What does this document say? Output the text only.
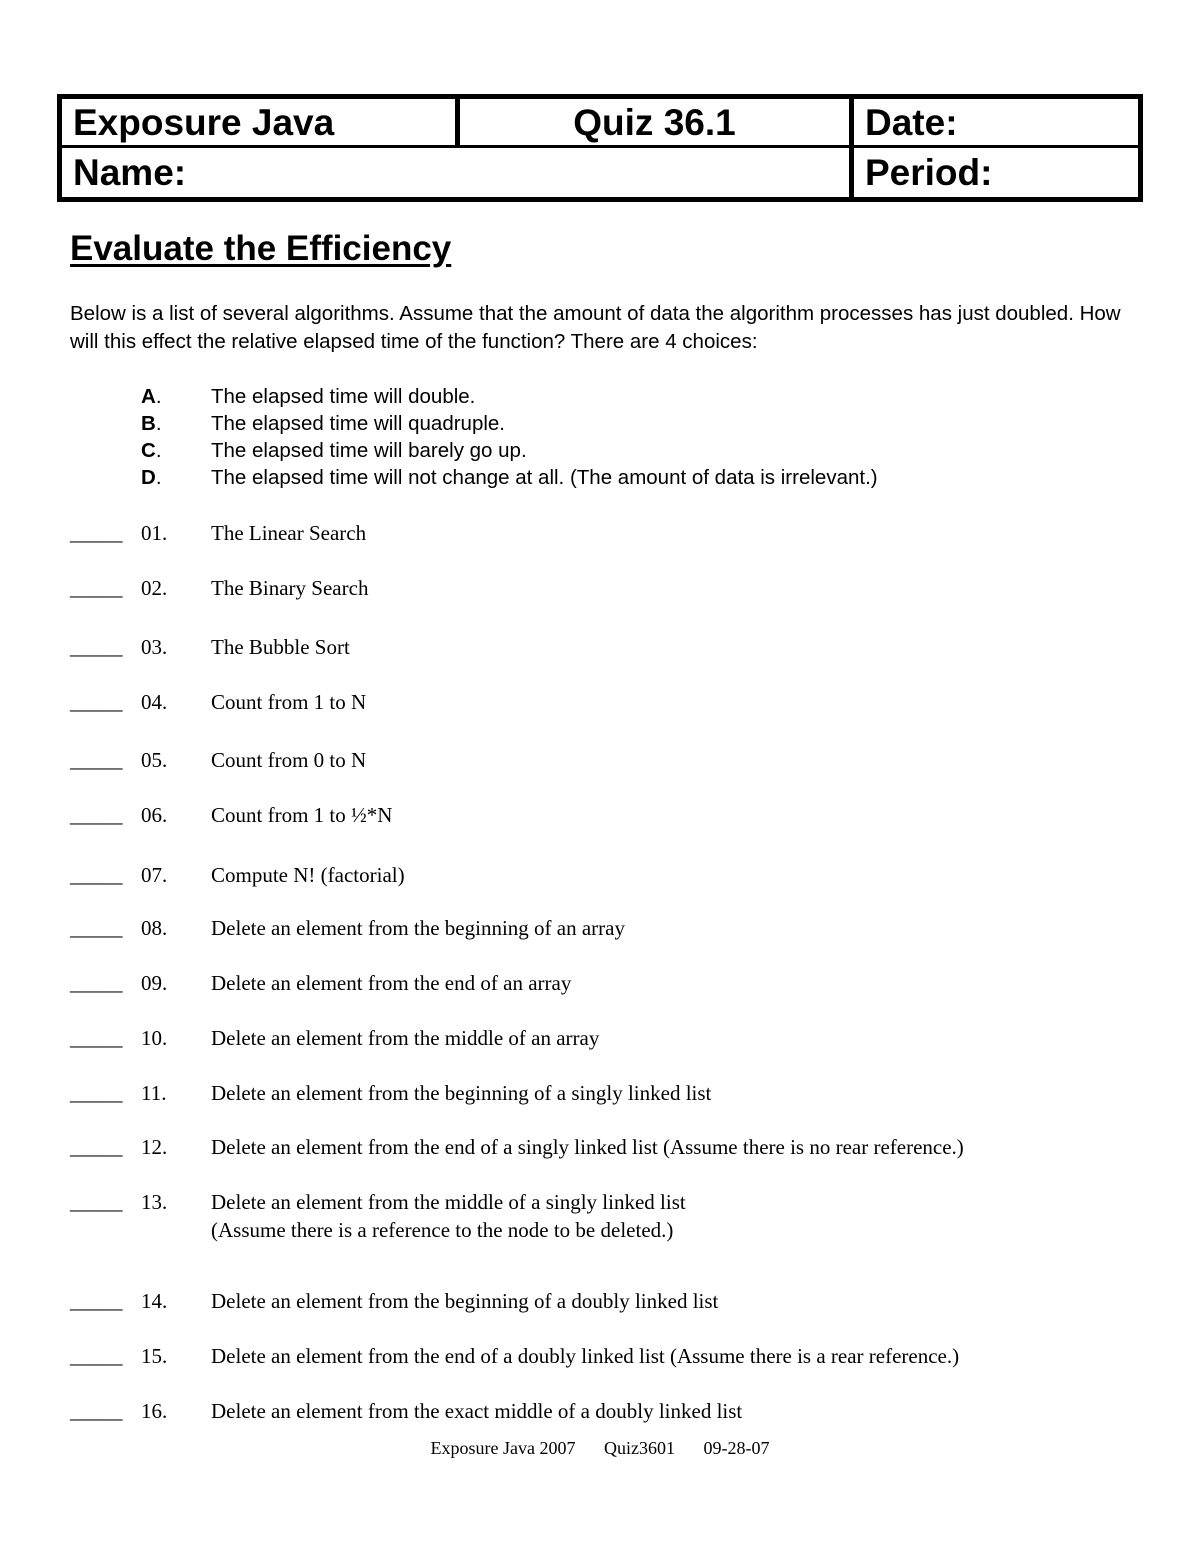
Exposure Java	Quiz 36.1	Date:
Name:	Period:
Evaluate the Efficiency

Below is a list of several algorithms. Assume that the amount of data the algorithm processes has just doubled. How will this effect the relative elapsed time of the function? There are 4 choices:

A. The elapsed time will double.
B. The elapsed time will quadruple.
C. The elapsed time will barely go up.
D. The elapsed time will not change at all. (The amount of data is irrelevant.)
_____ 01. The Linear Search
_____ 02. The Binary Search
_____ 03. The Bubble Sort
_____ 04. Count from 1 to N
_____ 05. Count from 0 to N
_____ 06. Count from 1 to ½*N
_____ 07. Compute N! (factorial)
_____ 08. Delete an element from the beginning of an array
_____ 09. Delete an element from the end of an array
_____ 10. Delete an element from the middle of an array
_____ 11. Delete an element from the beginning of a singly linked list
_____ 12. Delete an element from the end of a singly linked list (Assume there is no rear reference.)
_____ 13. Delete an element from the middle of a singly linked list
(Assume there is a reference to the node to be deleted.)
_____ 14. Delete an element from the beginning of a doubly linked list
_____ 15. Delete an element from the end of a doubly linked list (Assume there is a rear reference.)
_____ 16. Delete an element from the exact middle of a doubly linked list
Exposure Java 2007 Quiz3601 09-28-07
